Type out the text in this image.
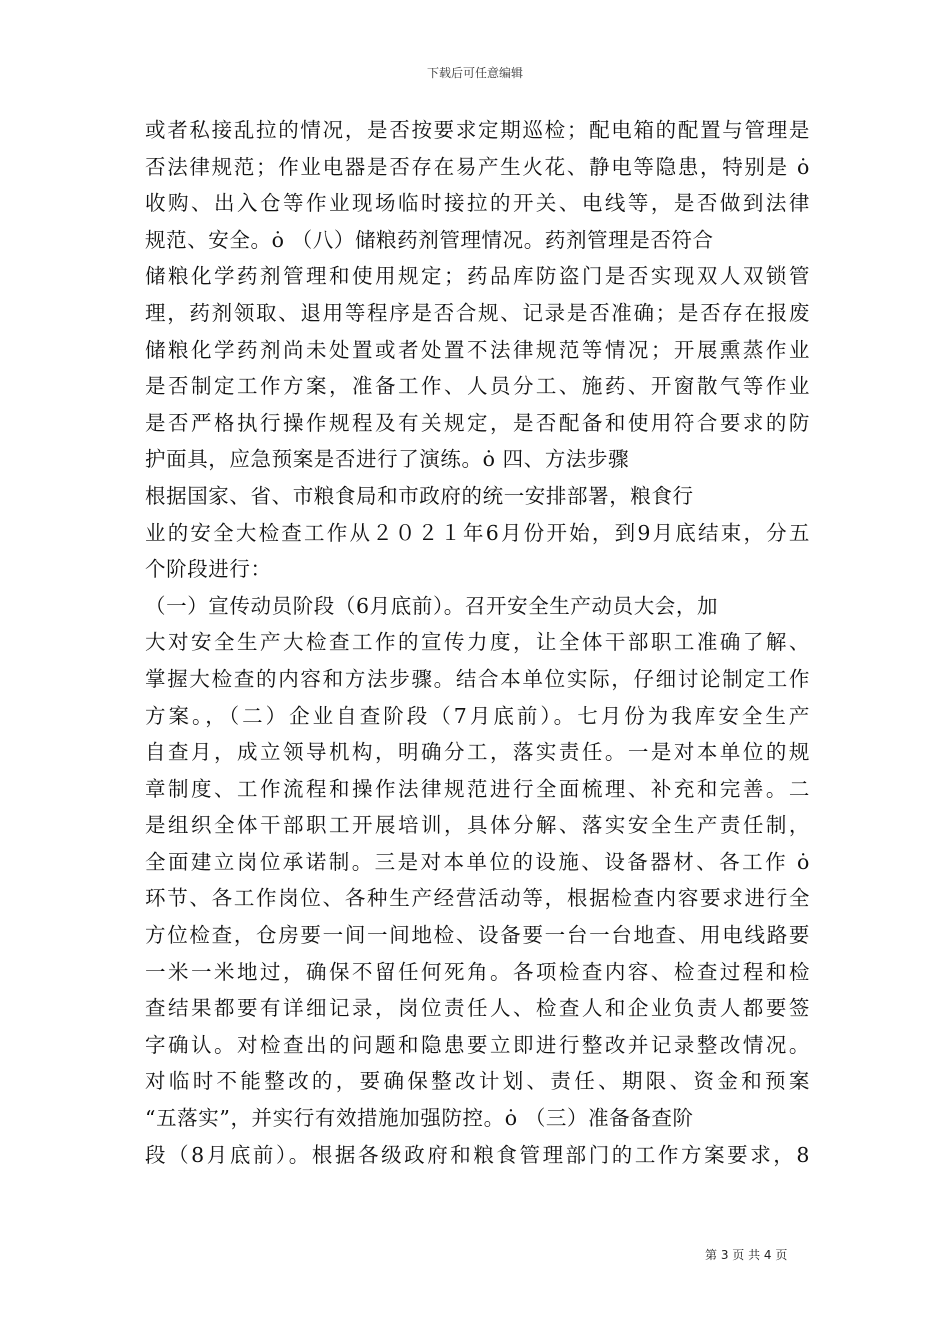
下载后可任意编辑
或者私接乱拉的情况，是否按要求定期巡检；配电箱的配置与管理是
否法律规范；作业电器是否存在易产生火花、静电等隐患，特别是 ȯ
收购、出入仓等作业现场临时接拉的开关、电线等，是否做到法律
规范、安全。ȯ （八）储粮药剂管理情况。药剂管理是否符合
储粮化学药剂管理和使用规定；药品库防盗门是否实现双人双锁管
理，药剂领取、退用等程序是否合规、记录是否准确；是否存在报废
储粮化学药剂尚未处置或者处置不法律规范等情况；开展熏蒸作业
是否制定工作方案，准备工作、人员分工、施药、开窗散气等作业
是否严格执行操作规程及有关规定，是否配备和使用符合要求的防
护面具，应急预案是否进行了演练。ȯ 四、方法步骤
根据国家、省、市粮食局和市政府的统一安排部署，粮食行
业的安全大检查工作从２０２１年6月份开始，到9月底结束，分五
个阶段进行：
（一）宣传动员阶段（6月底前）。召开安全生产动员大会，加
大对安全生产大检查工作的宣传力度，让全体干部职工准确了解、
掌握大检查的内容和方法步骤。结合本单位实际，仔细讨论制定工作
方案。，（二）企业自查阶段（7月底前）。七月份为我库安全生产
自查月，成立领导机构，明确分工，落实责任。一是对本单位的规
章制度、工作流程和操作法律规范进行全面梳理、补充和完善。二
是组织全体干部职工开展培训，具体分解、落实安全生产责任制，
全面建立岗位承诺制。三是对本单位的设施、设备器材、各工作 ȯ
环节、各工作岗位、各种生产经营活动等，根据检查内容要求进行全
方位检查，仓房要一间一间地检、设备要一台一台地查、用电线路要
一米一米地过，确保不留任何死角。各项检查内容、检查过程和检
查结果都要有详细记录，岗位责任人、检查人和企业负责人都要签
字确认。对检查出的问题和隐患要立即进行整改并记录整改情况。
对临时不能整改的，要确保整改计划、责任、期限、资金和预案
“五落实”，并实行有效措施加强防控。ȯ （三）准备备查阶
段（8月底前）。根据各级政府和粮食管理部门的工作方案要求，8
第 3 页 共 4 页
